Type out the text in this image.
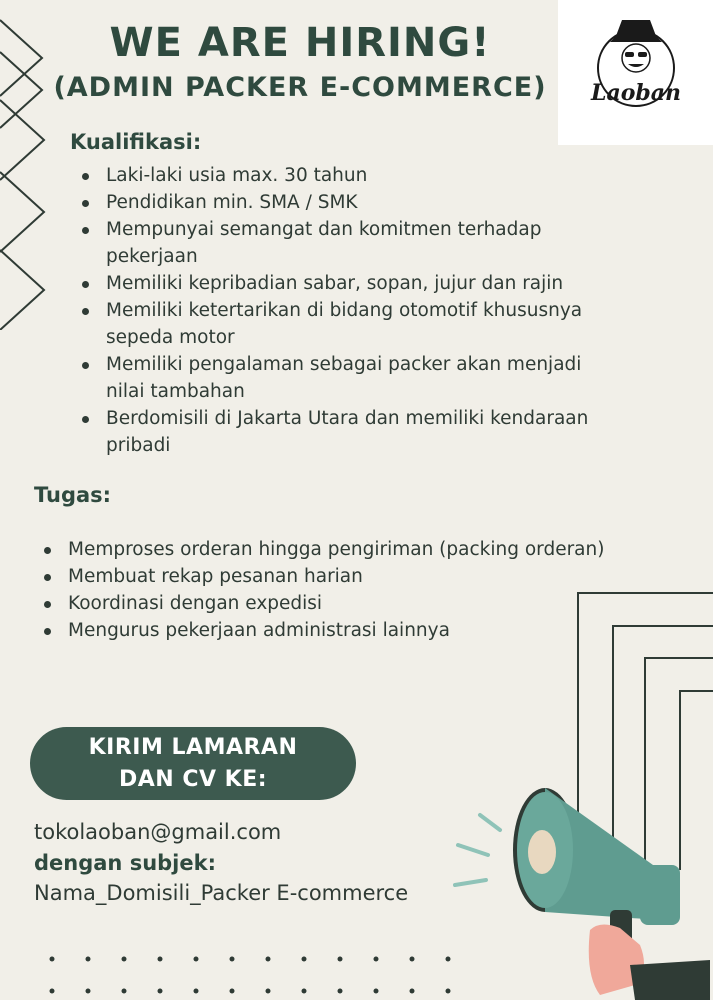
WE ARE HIRING!
(ADMIN PACKER E-COMMERCE)	Laoban
Kualifikasi:
Laki-laki usia max. 30 tahun
Pendidikan min. SMA / SMK
Mempunyai semangat dan komitmen terhadap
pekerjaan
Memiliki kepribadian sabar, sopan, jujur dan rajin
Memiliki ketertarikan di bidang otomotif khususnya
sepeda motor
Memiliki pengalaman sebagai packer akan menjadi
nilai tambahan
Berdomisili di Jakarta Utara dan memiliki kendaraan
pribadi
Tugas:
Memproses orderan hingga pengiriman (packing orderan)
Membuat rekap pesanan harian
Koordinasi dengan expedisi
Mengurus pekerjaan administrasi lainnya
KIRIM LAMARAN
DAN CV KE:
tokolaoban@gmail.com
dengan subjek:
Nama_Domisili_Packer E-commerce
